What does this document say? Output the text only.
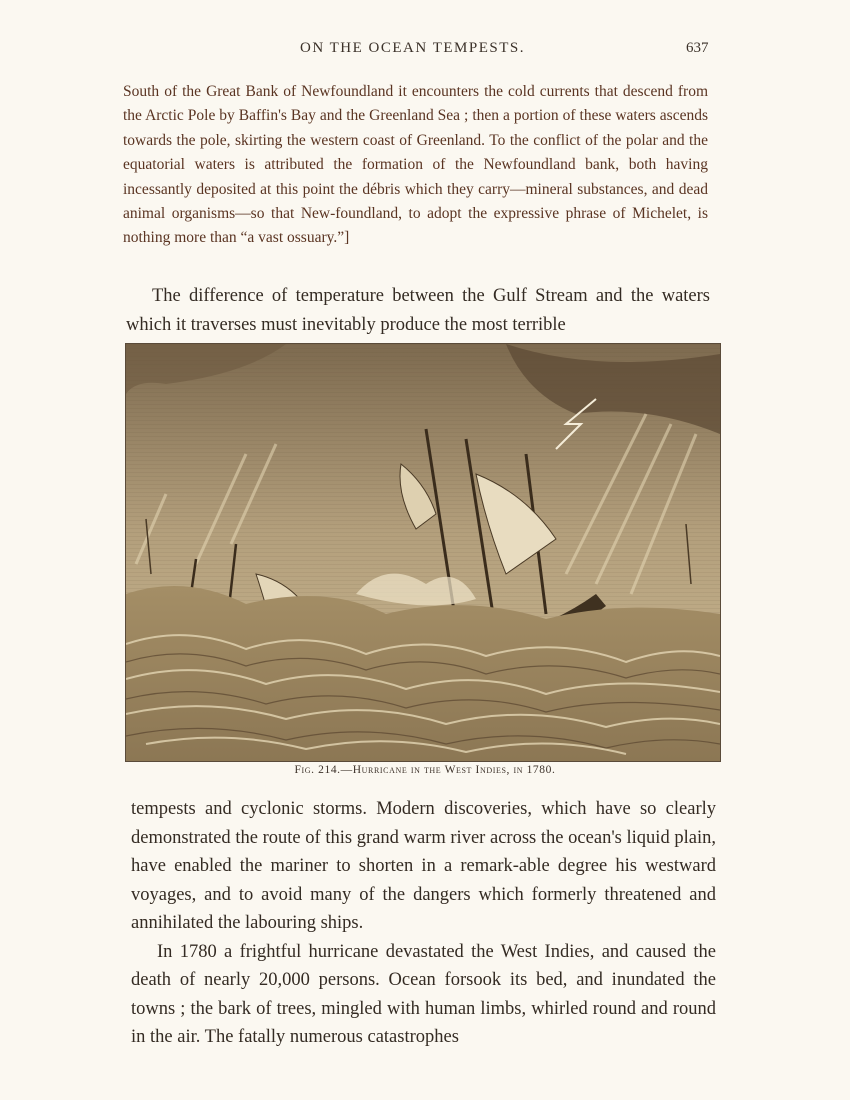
ON THE OCEAN TEMPESTS.	637

South of the Great Bank of Newfoundland it encounters the cold currents that descend from the Arctic Pole by Baffin's Bay and the Greenland Sea ; then a portion of these waters ascends towards the pole, skirting the western coast of Greenland. To the conflict of the polar and the equatorial waters is attributed the formation of the Newfoundland bank, both having incessantly deposited at this point the débris which they carry—mineral substances, and dead animal organisms—so that New-foundland, to adopt the expressive phrase of Michelet, is nothing more than “a vast ossuary.”]

The difference of temperature between the Gulf Stream and the waters which it traverses must inevitably produce the most terrible

Fig. 214.—Hurricane in the West Indies, in 1780.

tempests and cyclonic storms. Modern discoveries, which have so clearly demonstrated the route of this grand warm river across the ocean's liquid plain, have enabled the mariner to shorten in a remark-able degree his westward voyages, and to avoid many of the dangers which formerly threatened and annihilated the labouring ships.

In 1780 a frightful hurricane devastated the West Indies, and caused the death of nearly 20,000 persons. Ocean forsook its bed, and inundated the towns ; the bark of trees, mingled with human limbs, whirled round and round in the air. The fatally numerous catastrophes
